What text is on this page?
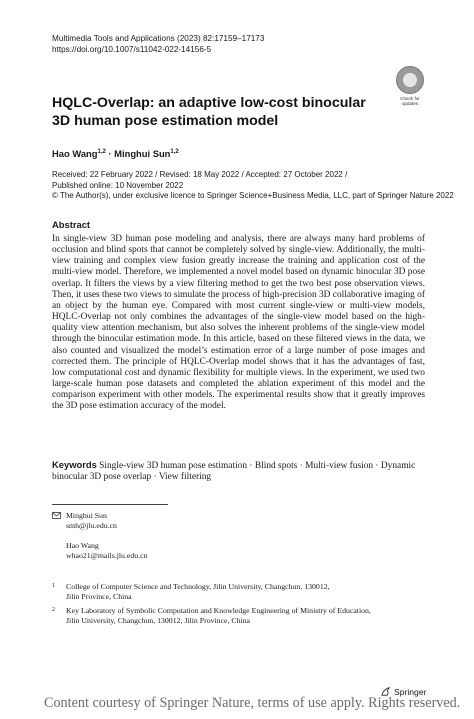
Multimedia Tools and Applications (2023) 82:17159–17173
https://doi.org/10.1007/s11042-022-14156-5
Check for
updates
HQLC-Overlap: an adaptive low-cost binocular 3D human pose estimation model
Hao Wang$^{1,2}$ · Minghui Sun$^{1,2}$
Received: 22 February 2022 / Revised: 18 May 2022 / Accepted: 27 October 2022 /
Published online: 10 November 2022
© The Author(s), under exclusive licence to Springer Science+Business Media, LLC, part of Springer Nature 2022
Abstract
In single-view 3D human pose modeling and analysis, there are always many hard problems of occlusion and blind spots that cannot be completely solved by single-view. Additionally, the multi-view training and complex view fusion greatly increase the training and application cost of the multi-view model. Therefore, we implemented a novel model based on dynamic binocular 3D pose overlap. It filters the views by a view filtering method to get the two best pose observation views. Then, it uses these two views to simulate the process of high-precision 3D collaborative imaging of an object by the human eye. Compared with most current single-view or multi-view models, HQLC-Overlap not only combines the advantages of the single-view model based on the high-quality view attention mechanism, but also solves the inherent problems of the single-view model through the binocular estimation mode. In this article, based on these filtered views in the data, we also counted and visualized the model’s estimation error of a large number of pose images and corrected them. The principle of HQLC-Overlap model shows that it has the advantages of fast, low computational cost and dynamic flexibility for multiple views. In the experiment, we used two large-scale human pose datasets and completed the ablation experiment of this model and the comparison experiment with other models. The experimental results show that it greatly improves the 3D pose estimation accuracy of the model.
Keywords Single-view 3D human pose estimation · Blind spots · Multi-view fusion · Dynamic binocular 3D pose overlap · View filtering
Minghui Sun
smh@jlu.edu.cn
Hao Wang
whao21@mails.jlu.edu.cn
1	College of Computer Science and Technology, Jilin University, Changchun, 130012,
Jilin Province, China
2	Key Laboratory of Symbolic Computation and Knowledge Engineering of Ministry of Education,
Jilin University, Changchun, 130012, Jilin Province, China
Springer
Content courtesy of Springer Nature, terms of use apply. Rights reserved.
